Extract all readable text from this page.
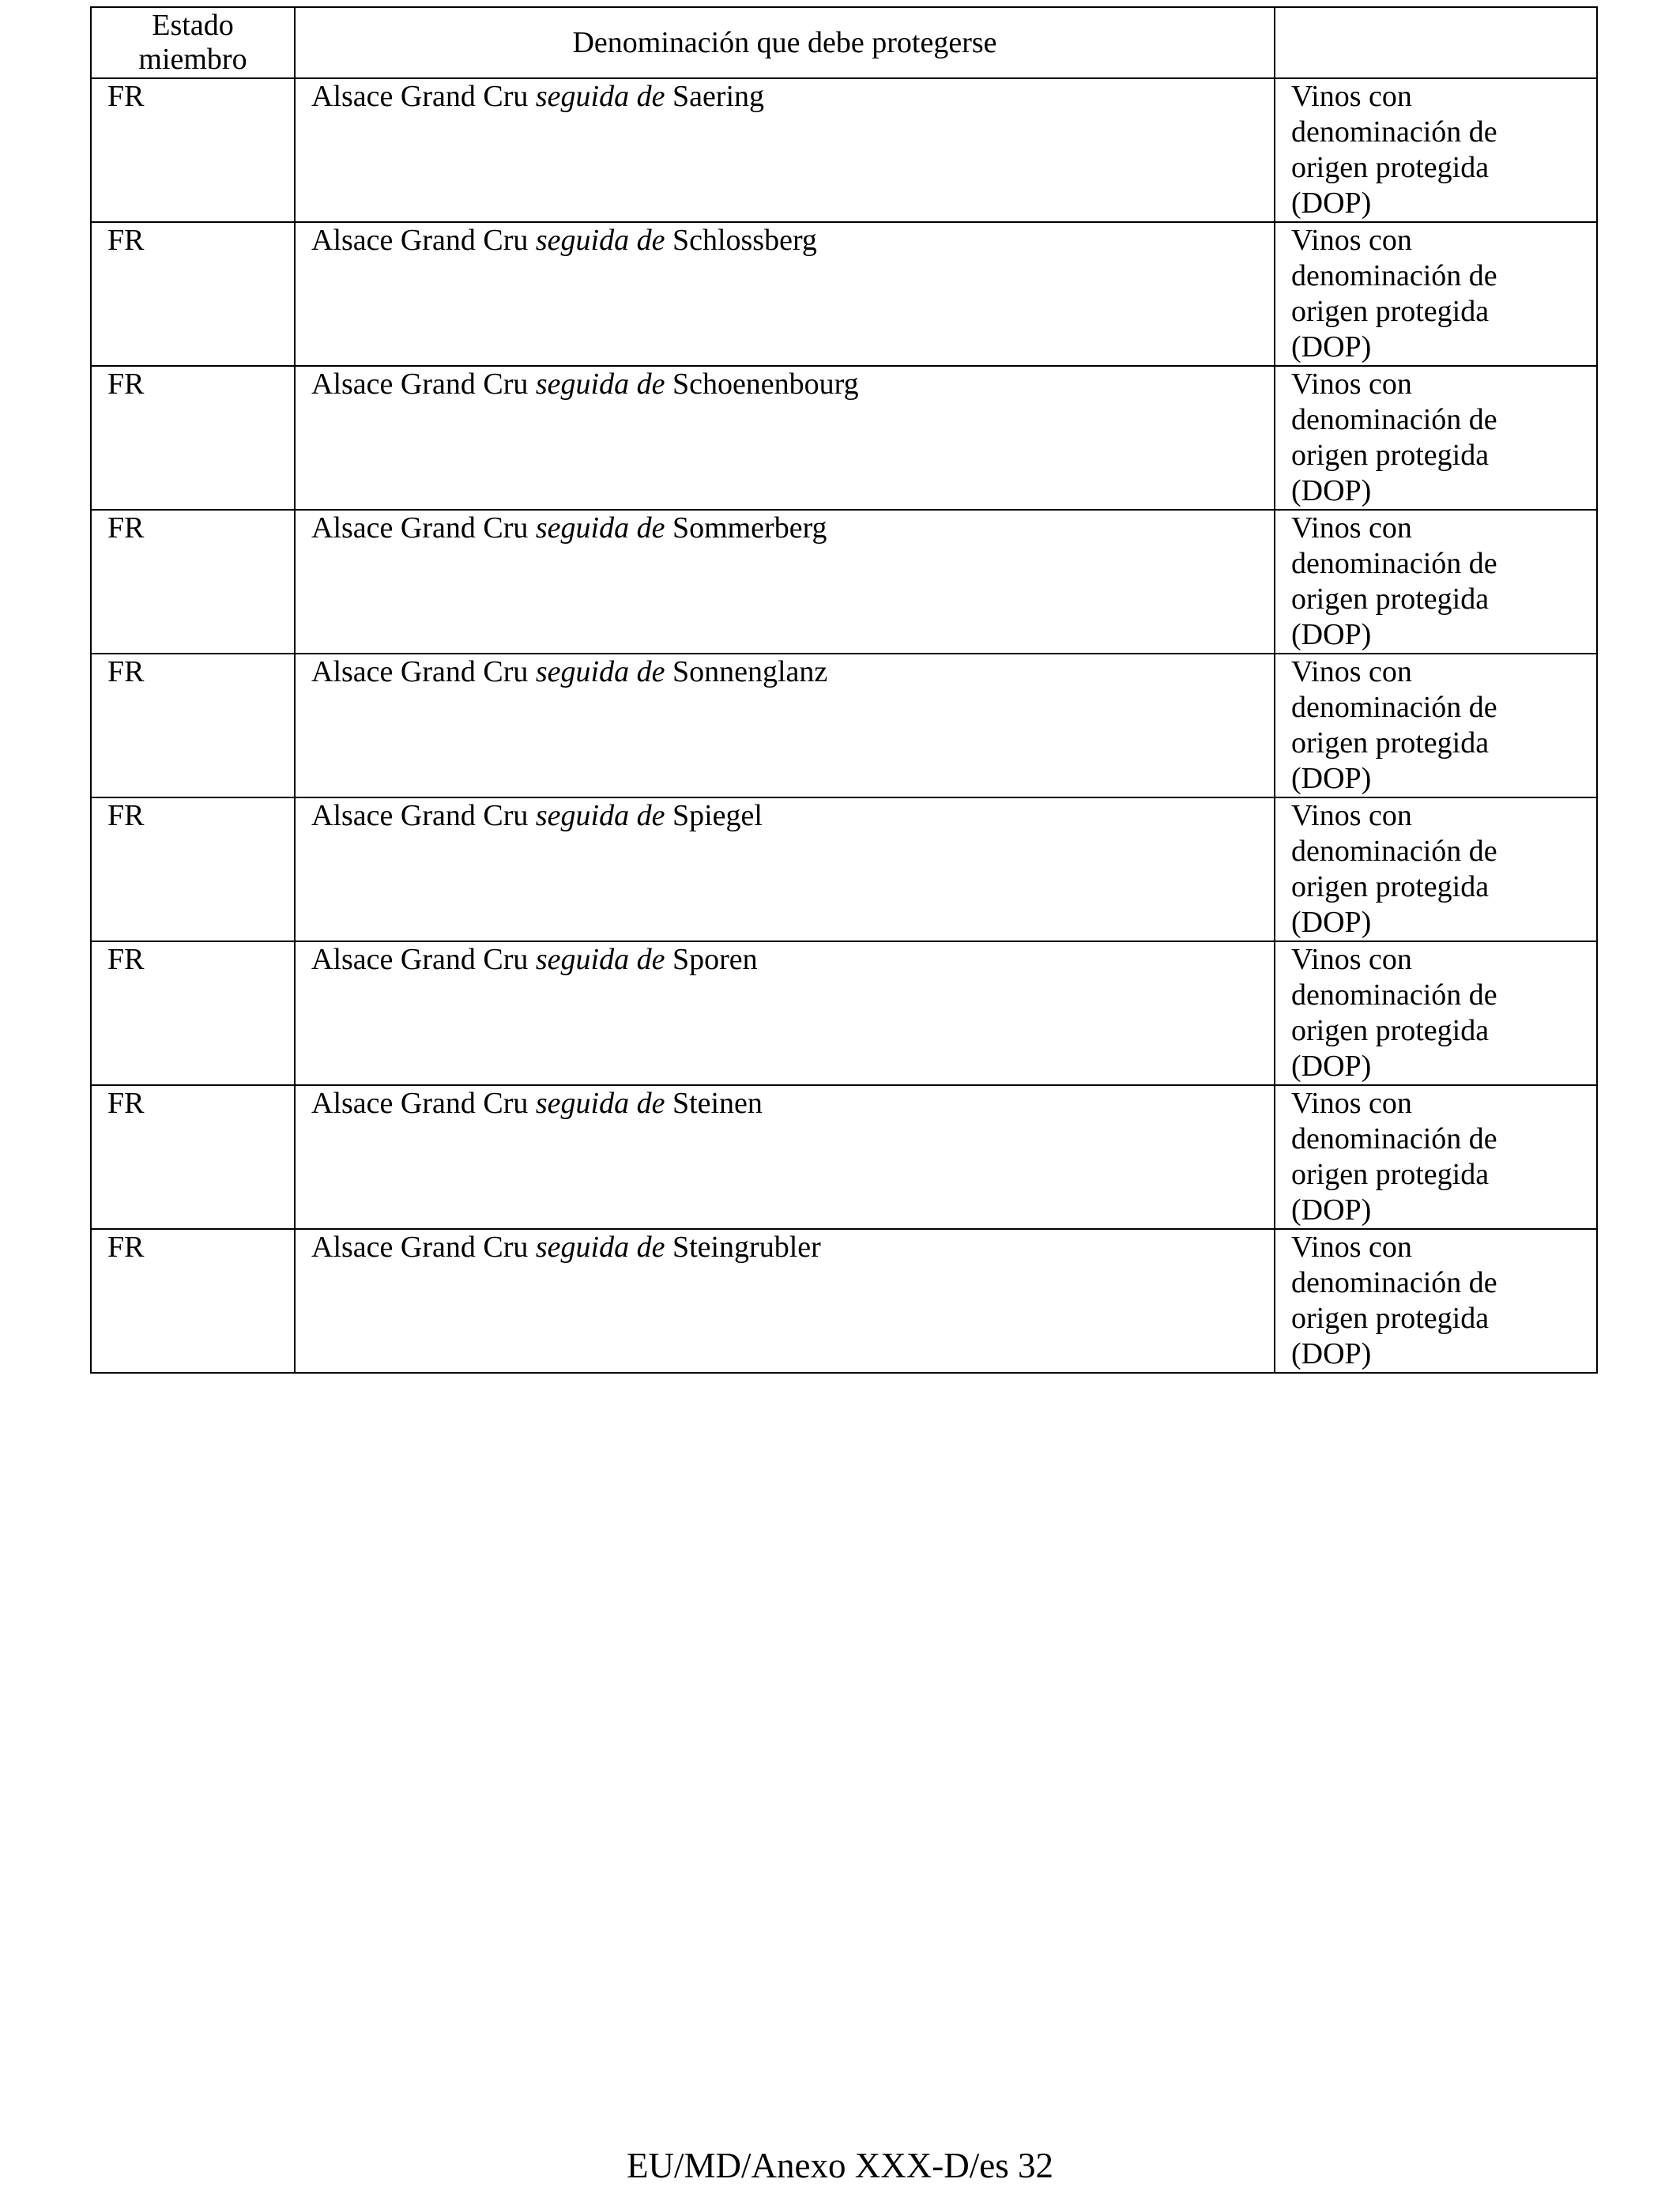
Estado
miembro	Denominación que debe protegerse	

FR	Alsace Grand Cru seguida de Saering	Vinos con
denominación de
origen protegida
(DOP)

FR	Alsace Grand Cru seguida de Schlossberg	Vinos con
denominación de
origen protegida
(DOP)

FR	Alsace Grand Cru seguida de Schoenenbourg	Vinos con
denominación de
origen protegida
(DOP)

FR	Alsace Grand Cru seguida de Sommerberg	Vinos con
denominación de
origen protegida
(DOP)

FR	Alsace Grand Cru seguida de Sonnenglanz	Vinos con
denominación de
origen protegida
(DOP)

FR	Alsace Grand Cru seguida de Spiegel	Vinos con
denominación de
origen protegida
(DOP)

FR	Alsace Grand Cru seguida de Sporen	Vinos con
denominación de
origen protegida
(DOP)

FR	Alsace Grand Cru seguida de Steinen	Vinos con
denominación de
origen protegida
(DOP)

FR	Alsace Grand Cru seguida de Steingrubler	Vinos con
denominación de
origen protegida
(DOP)
EU/MD/Anexo XXX-D/es 32
